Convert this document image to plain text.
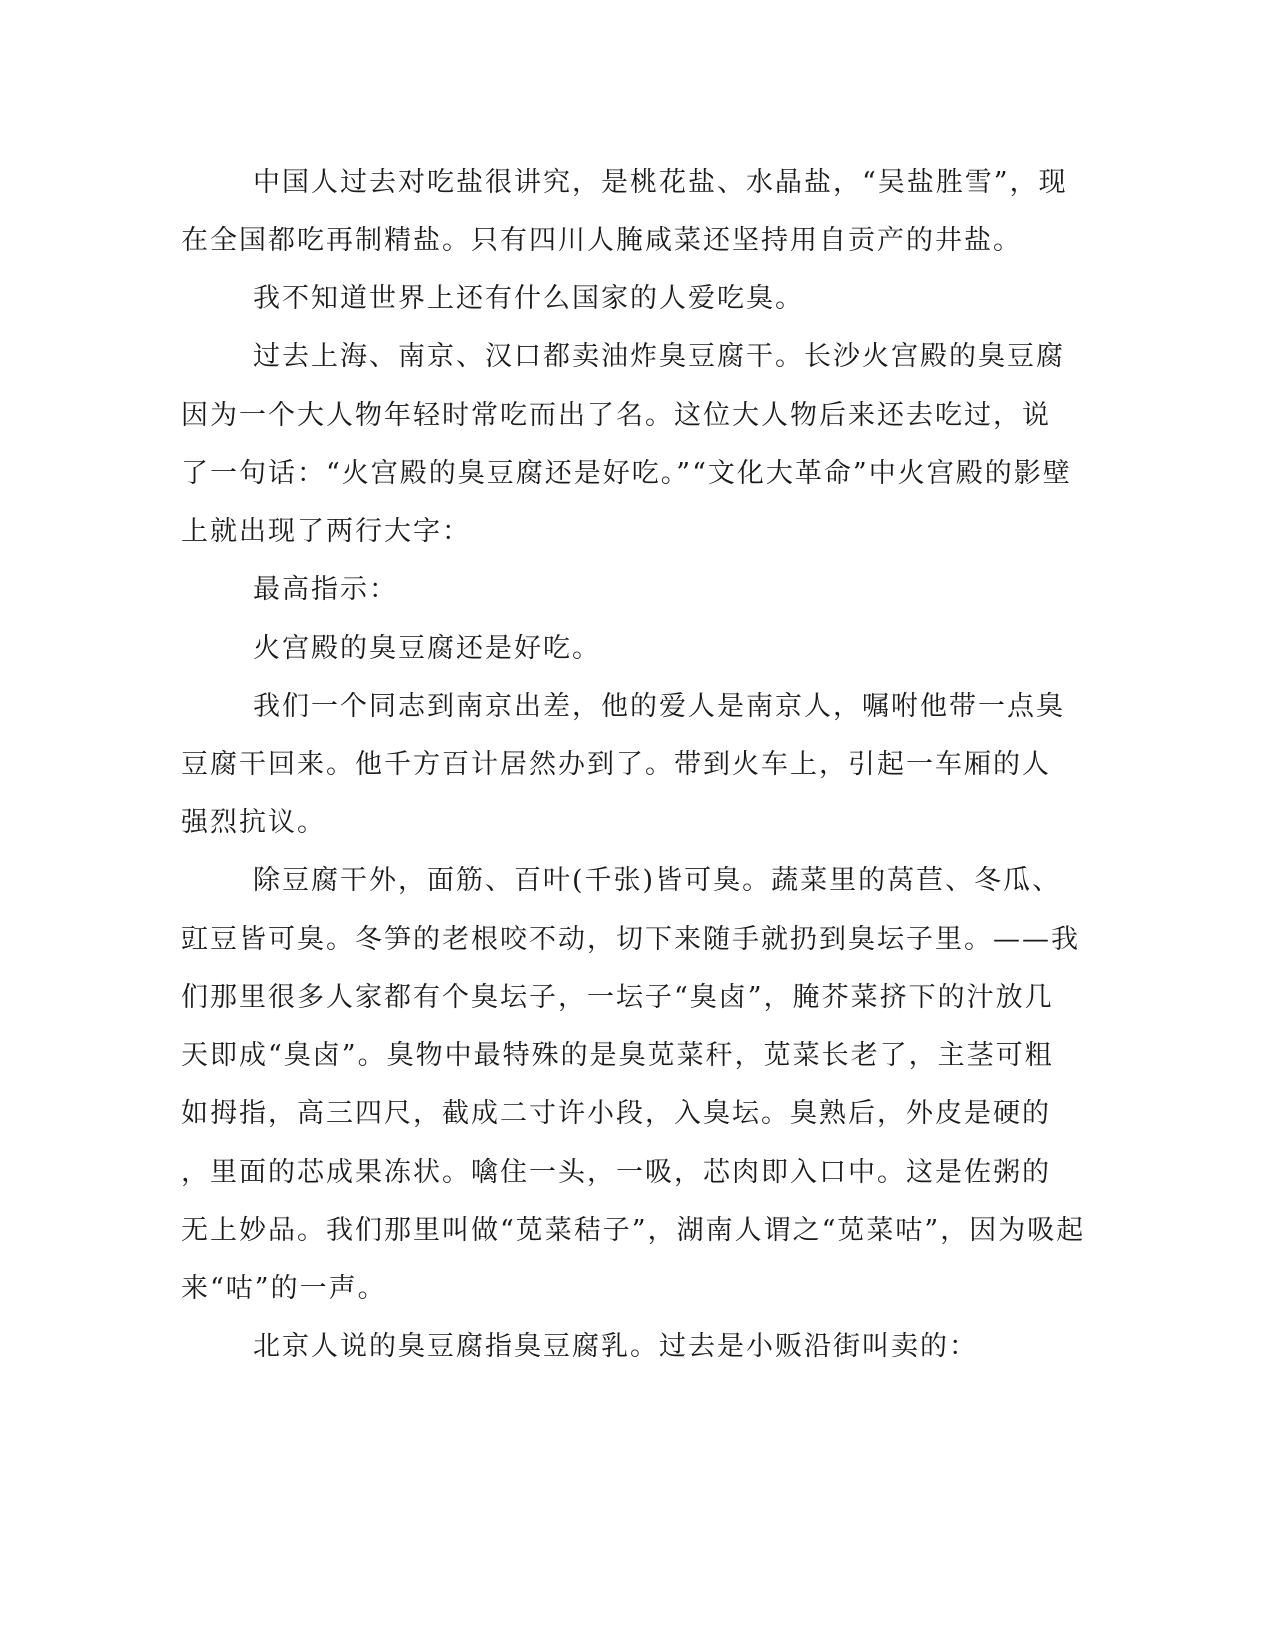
中国人过去对吃盐很讲究，是桃花盐、水晶盐，“吴盐胜雪”，现
在全国都吃再制精盐。只有四川人腌咸菜还坚持用自贡产的井盐。
我不知道世界上还有什么国家的人爱吃臭。
过去上海、南京、汉口都卖油炸臭豆腐干。长沙火宫殿的臭豆腐
因为一个大人物年轻时常吃而出了名。这位大人物后来还去吃过，说
了一句话：“火宫殿的臭豆腐还是好吃。”“文化大革命”中火宫殿的影壁
上就出现了两行大字：
最高指示：
火宫殿的臭豆腐还是好吃。
我们一个同志到南京出差，他的爱人是南京人，嘱咐他带一点臭
豆腐干回来。他千方百计居然办到了。带到火车上，引起一车厢的人
强烈抗议。
除豆腐干外，面筋、百叶(千张)皆可臭。蔬菜里的莴苣、冬瓜、
豇豆皆可臭。冬笋的老根咬不动，切下来随手就扔到臭坛子里。——我
们那里很多人家都有个臭坛子，一坛子“臭卤”，腌芥菜挤下的汁放几
天即成“臭卤”。臭物中最特殊的是臭苋菜秆，苋菜长老了，主茎可粗
如拇指，高三四尺，截成二寸许小段，入臭坛。臭熟后，外皮是硬的
，里面的芯成果冻状。噙住一头，一吸，芯肉即入口中。这是佐粥的
无上妙品。我们那里叫做“苋菜秸子”，湖南人谓之“苋菜咕”，因为吸起
来“咕”的一声。
北京人说的臭豆腐指臭豆腐乳。过去是小贩沿街叫卖的：
